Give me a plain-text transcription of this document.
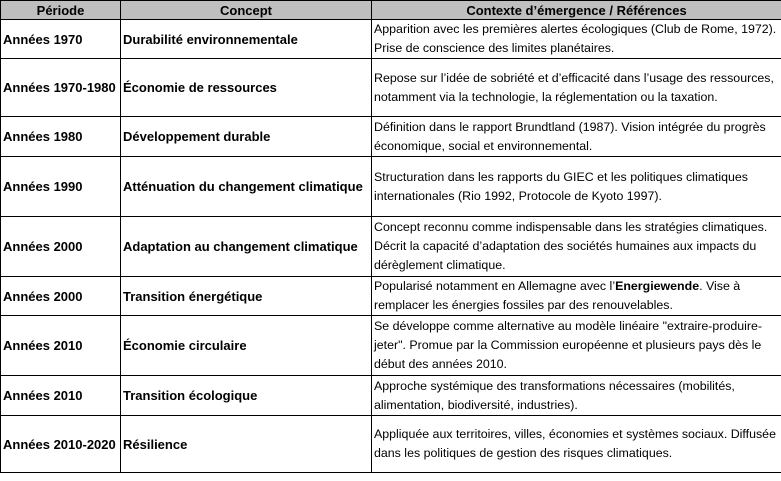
Période	Concept	Contexte d’émergence / Références
Années 1970	Durabilité environnementale	Apparition avec les premières alertes écologiques (Club de Rome, 1972). Prise de conscience des limites planétaires.
Années 1970-1980	Économie de ressources	Repose sur l’idée de sobriété et d’efficacité dans l’usage des ressources, notamment via la technologie, la réglementation ou la taxation.
Années 1980	Développement durable	Définition dans le rapport Brundtland (1987). Vision intégrée du progrès économique, social et environnemental.
Années 1990	Atténuation du changement climatique	Structuration dans les rapports du GIEC et les politiques climatiques internationales (Rio 1992, Protocole de Kyoto 1997).
Années 2000	Adaptation au changement climatique	Concept reconnu comme indispensable dans les stratégies climatiques. Décrit la capacité d’adaptation des sociétés humaines aux impacts du dérèglement climatique.
Années 2000	Transition énergétique	Popularisé notamment en Allemagne avec l’Energiewende. Vise à remplacer les énergies fossiles par des renouvelables.
Années 2010	Économie circulaire	Se développe comme alternative au modèle linéaire "extraire-produire-jeter". Promue par la Commission européenne et plusieurs pays dès le début des années 2010.
Années 2010	Transition écologique	Approche systémique des transformations nécessaires (mobilités, alimentation, biodiversité, industries).
Années 2010-2020	Résilience	Appliquée aux territoires, villes, économies et systèmes sociaux. Diffusée dans les politiques de gestion des risques climatiques.
